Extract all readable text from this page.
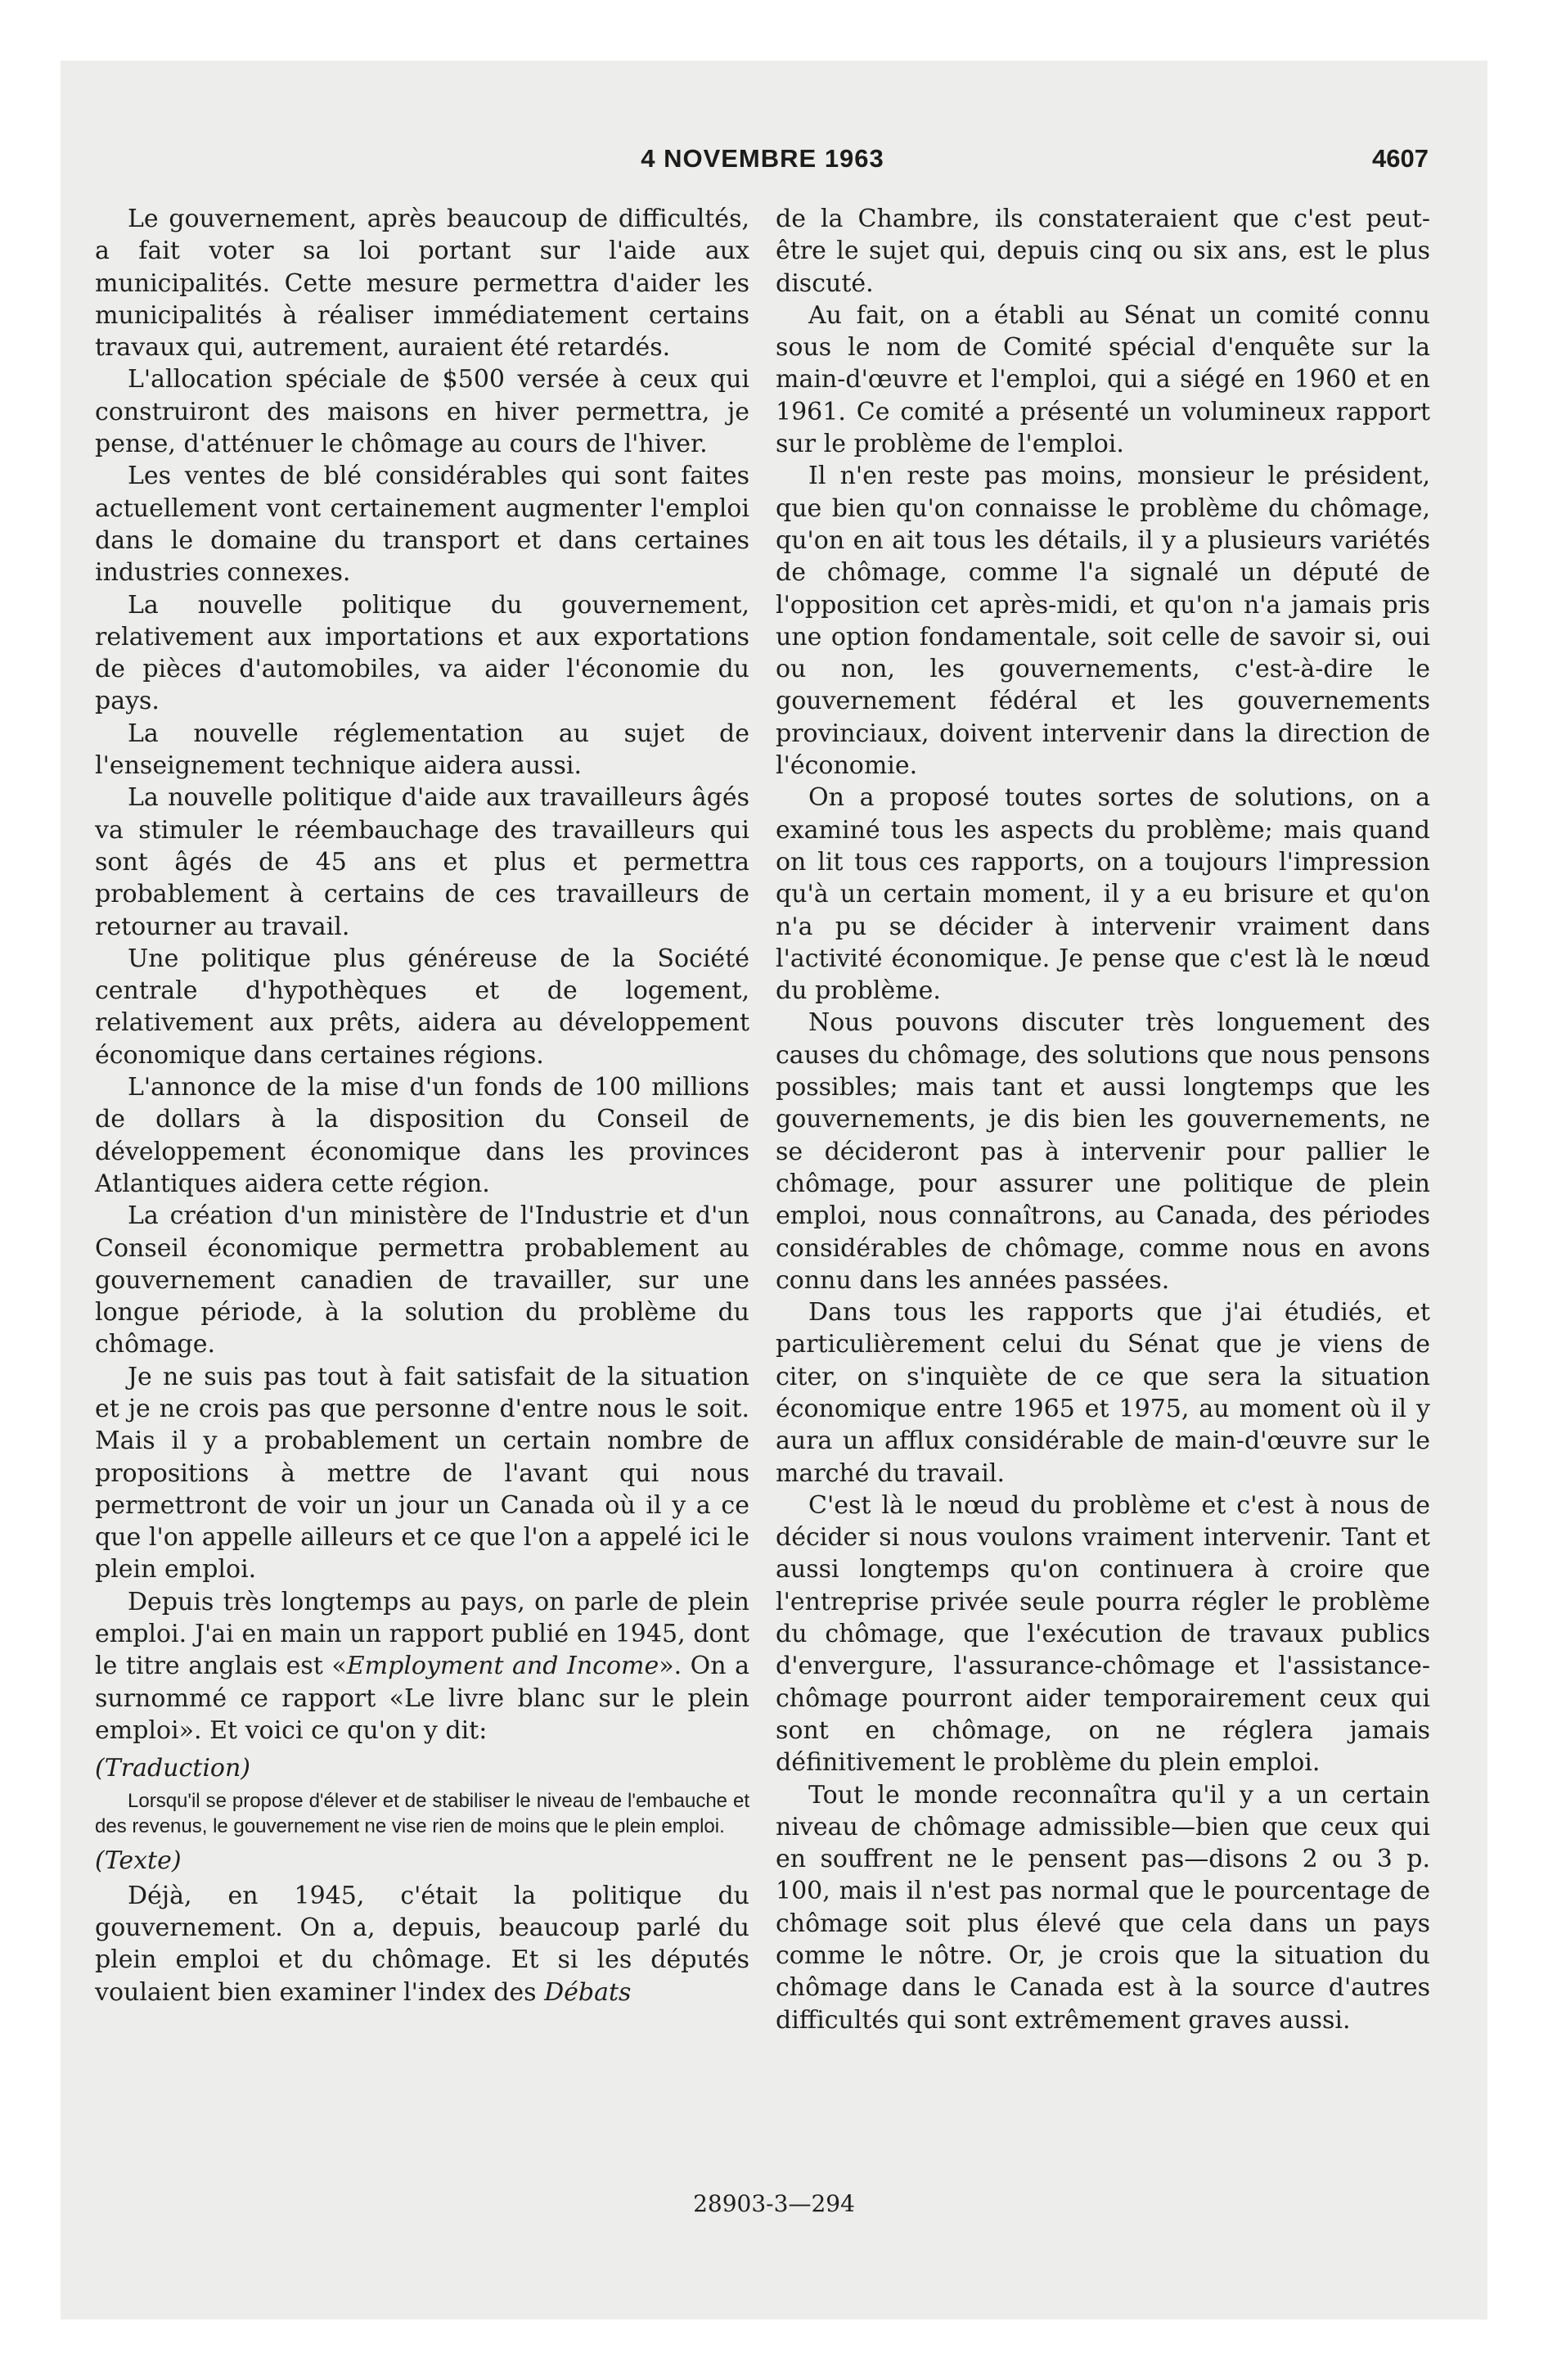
4 NOVEMBRE 1963	4607

Le gouvernement, après beaucoup de difficultés, a fait voter sa loi portant sur l'aide aux municipalités. Cette mesure permettra d'aider les municipalités à réaliser immédiatement certains travaux qui, autrement, auraient été retardés.

L'allocation spéciale de $500 versée à ceux qui construiront des maisons en hiver permettra, je pense, d'atténuer le chômage au cours de l'hiver.

Les ventes de blé considérables qui sont faites actuellement vont certainement augmenter l'emploi dans le domaine du transport et dans certaines industries connexes.

La nouvelle politique du gouvernement, relativement aux importations et aux exportations de pièces d'automobiles, va aider l'économie du pays.

La nouvelle réglementation au sujet de l'enseignement technique aidera aussi.

La nouvelle politique d'aide aux travailleurs âgés va stimuler le réembauchage des travailleurs qui sont âgés de 45 ans et plus et permettra probablement à certains de ces travailleurs de retourner au travail.

Une politique plus généreuse de la Société centrale d'hypothèques et de logement, relativement aux prêts, aidera au développement économique dans certaines régions.

L'annonce de la mise d'un fonds de 100 millions de dollars à la disposition du Conseil de développement économique dans les provinces Atlantiques aidera cette région.

La création d'un ministère de l'Industrie et d'un Conseil économique permettra probablement au gouvernement canadien de travailler, sur une longue période, à la solution du problème du chômage.

Je ne suis pas tout à fait satisfait de la situation et je ne crois pas que personne d'entre nous le soit. Mais il y a probablement un certain nombre de propositions à mettre de l'avant qui nous permettront de voir un jour un Canada où il y a ce que l'on appelle ailleurs et ce que l'on a appelé ici le plein emploi.

Depuis très longtemps au pays, on parle de plein emploi. J'ai en main un rapport publié en 1945, dont le titre anglais est «Employment and Income». On a surnommé ce rapport «Le livre blanc sur le plein emploi». Et voici ce qu'on y dit:

(Traduction)

Lorsqu'il se propose d'élever et de stabiliser le niveau de l'embauche et des revenus, le gouvernement ne vise rien de moins que le plein emploi.

(Texte)

Déjà, en 1945, c'était la politique du gouvernement. On a, depuis, beaucoup parlé du plein emploi et du chômage. Et si les députés voulaient bien examiner l'index des Débats

de la Chambre, ils constateraient que c'est peut-être le sujet qui, depuis cinq ou six ans, est le plus discuté.

Au fait, on a établi au Sénat un comité connu sous le nom de Comité spécial d'enquête sur la main-d'œuvre et l'emploi, qui a siégé en 1960 et en 1961. Ce comité a présenté un volumineux rapport sur le problème de l'emploi.

Il n'en reste pas moins, monsieur le président, que bien qu'on connaisse le problème du chômage, qu'on en ait tous les détails, il y a plusieurs variétés de chômage, comme l'a signalé un député de l'opposition cet après-midi, et qu'on n'a jamais pris une option fondamentale, soit celle de savoir si, oui ou non, les gouvernements, c'est-à-dire le gouvernement fédéral et les gouvernements provinciaux, doivent intervenir dans la direction de l'économie.

On a proposé toutes sortes de solutions, on a examiné tous les aspects du problème; mais quand on lit tous ces rapports, on a toujours l'impression qu'à un certain moment, il y a eu brisure et qu'on n'a pu se décider à intervenir vraiment dans l'activité économique. Je pense que c'est là le nœud du problème.

Nous pouvons discuter très longuement des causes du chômage, des solutions que nous pensons possibles; mais tant et aussi longtemps que les gouvernements, je dis bien les gouvernements, ne se décideront pas à intervenir pour pallier le chômage, pour assurer une politique de plein emploi, nous connaîtrons, au Canada, des périodes considérables de chômage, comme nous en avons connu dans les années passées.

Dans tous les rapports que j'ai étudiés, et particulièrement celui du Sénat que je viens de citer, on s'inquiète de ce que sera la situation économique entre 1965 et 1975, au moment où il y aura un afflux considérable de main-d'œuvre sur le marché du travail.

C'est là le nœud du problème et c'est à nous de décider si nous voulons vraiment intervenir. Tant et aussi longtemps qu'on continuera à croire que l'entreprise privée seule pourra régler le problème du chômage, que l'exécution de travaux publics d'envergure, l'assurance-chômage et l'assistance-chômage pourront aider temporairement ceux qui sont en chômage, on ne réglera jamais définitivement le problème du plein emploi.

Tout le monde reconnaîtra qu'il y a un certain niveau de chômage admissible—bien que ceux qui en souffrent ne le pensent pas—disons 2 ou 3 p. 100, mais il n'est pas normal que le pourcentage de chômage soit plus élevé que cela dans un pays comme le nôtre. Or, je crois que la situation du chômage dans le Canada est à la source d'autres difficultés qui sont extrêmement graves aussi.

28903-3—294
